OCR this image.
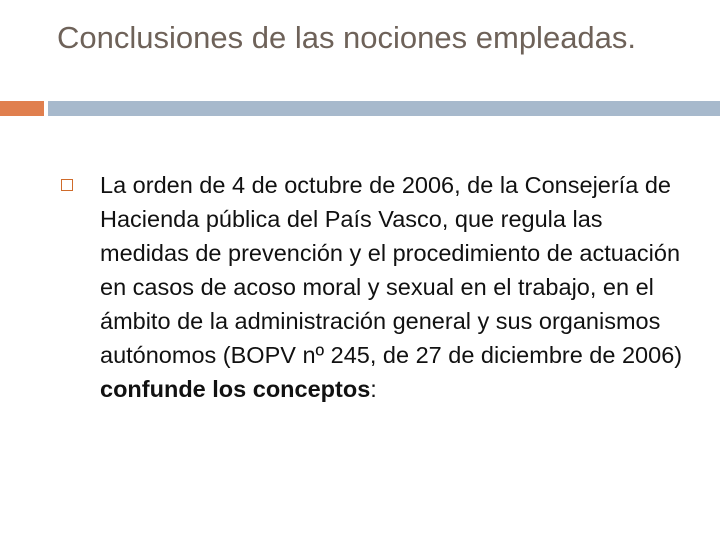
Conclusiones de las nociones empleadas.

La orden de 4 de octubre de 2006, de la Consejería de Hacienda pública del País Vasco, que regula las medidas de prevención y el procedimiento de actuación en casos de acoso moral y sexual en el trabajo, en el ámbito de la administración general y sus organismos autónomos (BOPV nº 245, de 27 de diciembre de 2006) confunde los conceptos:
